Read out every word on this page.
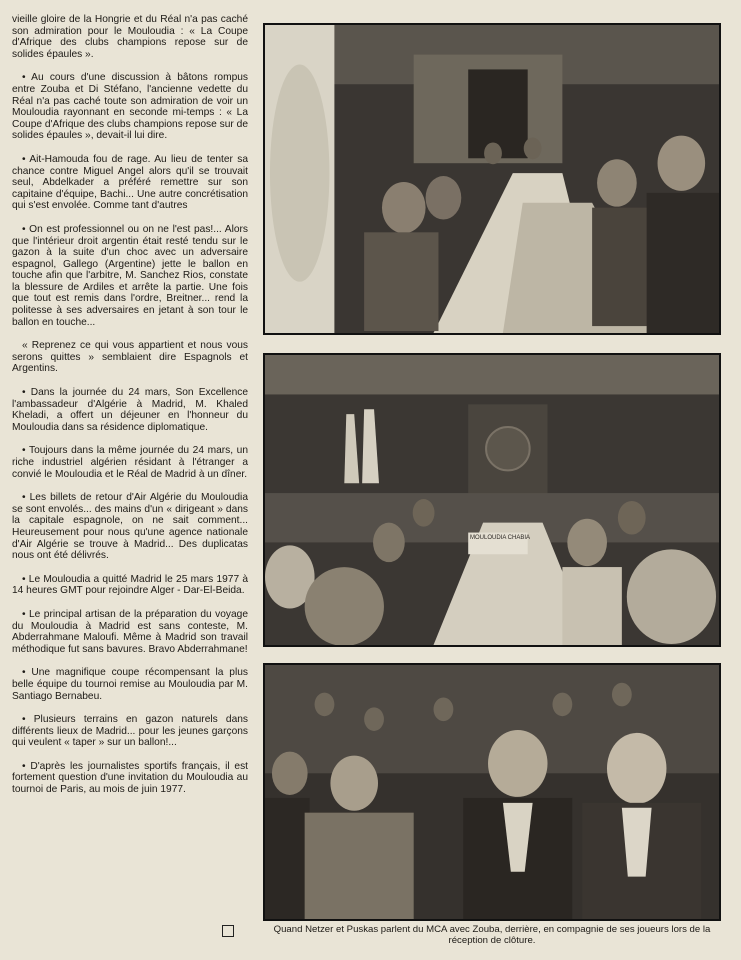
vieille gloire de la Hongrie et du Réal n'a pas caché son admiration pour le Mouloudia : « La Coupe d'Afrique des clubs champions repose sur de solides épaules ».

• Au cours d'une discussion à bâtons rompus entre Zouba et Di Stéfano, l'ancienne vedette du Réal n'a pas caché toute son admiration de voir un Mouloudia rayonnant en seconde mi-temps : « La Coupe d'Afrique des clubs champions repose sur de solides épaules », devait-il lui dire.

• Ait-Hamouda fou de rage. Au lieu de tenter sa chance contre Miguel Angel alors qu'il se trouvait seul, Abdelkader a préféré remettre sur son capitaine d'équipe, Bachi... Une autre concrétisation qui s'est envolée. Comme tant d'autres

• On est professionnel ou on ne l'est pas!... Alors que l'intérieur droit argentin était resté tendu sur le gazon à la suite d'un choc avec un adversaire espagnol, Gallego (Argentine) jette le ballon en touche afin que l'arbitre, M. Sanchez Rios, constate la blessure de Ardiles et arrête la partie. Une fois que tout est remis dans l'ordre, Breitner... rend la politesse à ses adversaires en jetant à son tour le ballon en touche...

« Reprenez ce qui vous appartient et nous vous serons quittes » semblaient dire Espagnols et Argentins.

• Dans la journée du 24 mars, Son Excellence l'ambassadeur d'Algérie à Madrid, M. Khaled Kheladi, a offert un déjeuner en l'honneur du Mouloudia dans sa résidence diplomatique.

• Toujours dans la même journée du 24 mars, un riche industriel algérien résidant à l'étranger a convié le Mouloudia et le Réal de Madrid à un dîner.

• Les billets de retour d'Air Algérie du Mouloudia se sont envolés... des mains d'un « dirigeant » dans la capitale espagnole, on ne sait comment... Heureusement pour nous qu'une agence nationale d'Air Algérie se trouve à Madrid... Des duplicatas nous ont été délivrés.

• Le Mouloudia a quitté Madrid le 25 mars 1977 à 14 heures GMT pour rejoindre Alger - Dar-El-Beida.

• Le principal artisan de la préparation du voyage du Mouloudia à Madrid est sans conteste, M. Abderrahmane Maloufi. Même à Madrid son travail méthodique fut sans bavures. Bravo Abderrahmane!

• Une magnifique coupe récompensant la plus belle équipe du tournoi remise au Mouloudia par M. Santiago Bernabeu.

• Plusieurs terrains en gazon naturels dans différents lieux de Madrid... pour les jeunes garçons qui veulent « taper » sur un ballon!...

• D'après les journalistes sportifs français, il est fortement question d'une invitation du Mouloudia au tournoi de Paris, au mois de juin 1977.

MOULOUDIA CHABIA
Quand Netzer et Puskas parlent du MCA avec Zouba, derrière, en compagnie de ses joueurs lors de la réception de clôture.
